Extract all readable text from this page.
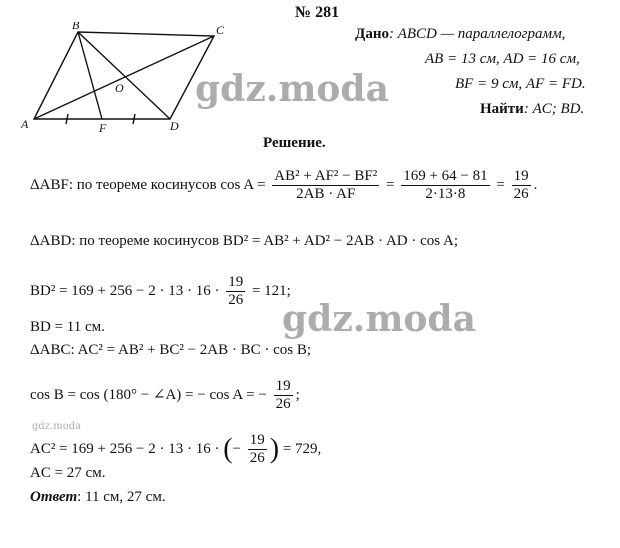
A
B	C
D
F
O
№ 281
Дано: ABCD — параллелограмм,
AB = 13 см, AD = 16 см,
BF = 9 см, AF = FD.
Найти: AC; BD.
Решение.
ΔABF: по теореме косинусов $\cos A = \frac{\text{AB² + AF² − BF²}}{2AB \cdot AF} = \frac{169 + 64 - 81}{2\cdot 13\cdot 8} = \frac{19}{26}$ .
ΔABD: по теореме косинусов BD² = AB² + AD² − 2AB · AD · cos A;
$BD^2 = 169 + 256 - 2 \cdot 13 \cdot 16 \cdot \frac{19}{26} = 121$;
BD = 11 см.
ΔABC: AC² = AB² + BC² − 2AB · BC · cos B;
cos B = cos (180° − ∠A) = − cos A = − $\frac{19}{26}$ ;
gdz.moda
AC² = 169 + 256 − 2 · 13 · 16 · (− $\frac{19}{26}$ ) = 729,
AC = 27 см.
Ответ: 11 см, 27 см.
gdz.moda
gdz.moda
